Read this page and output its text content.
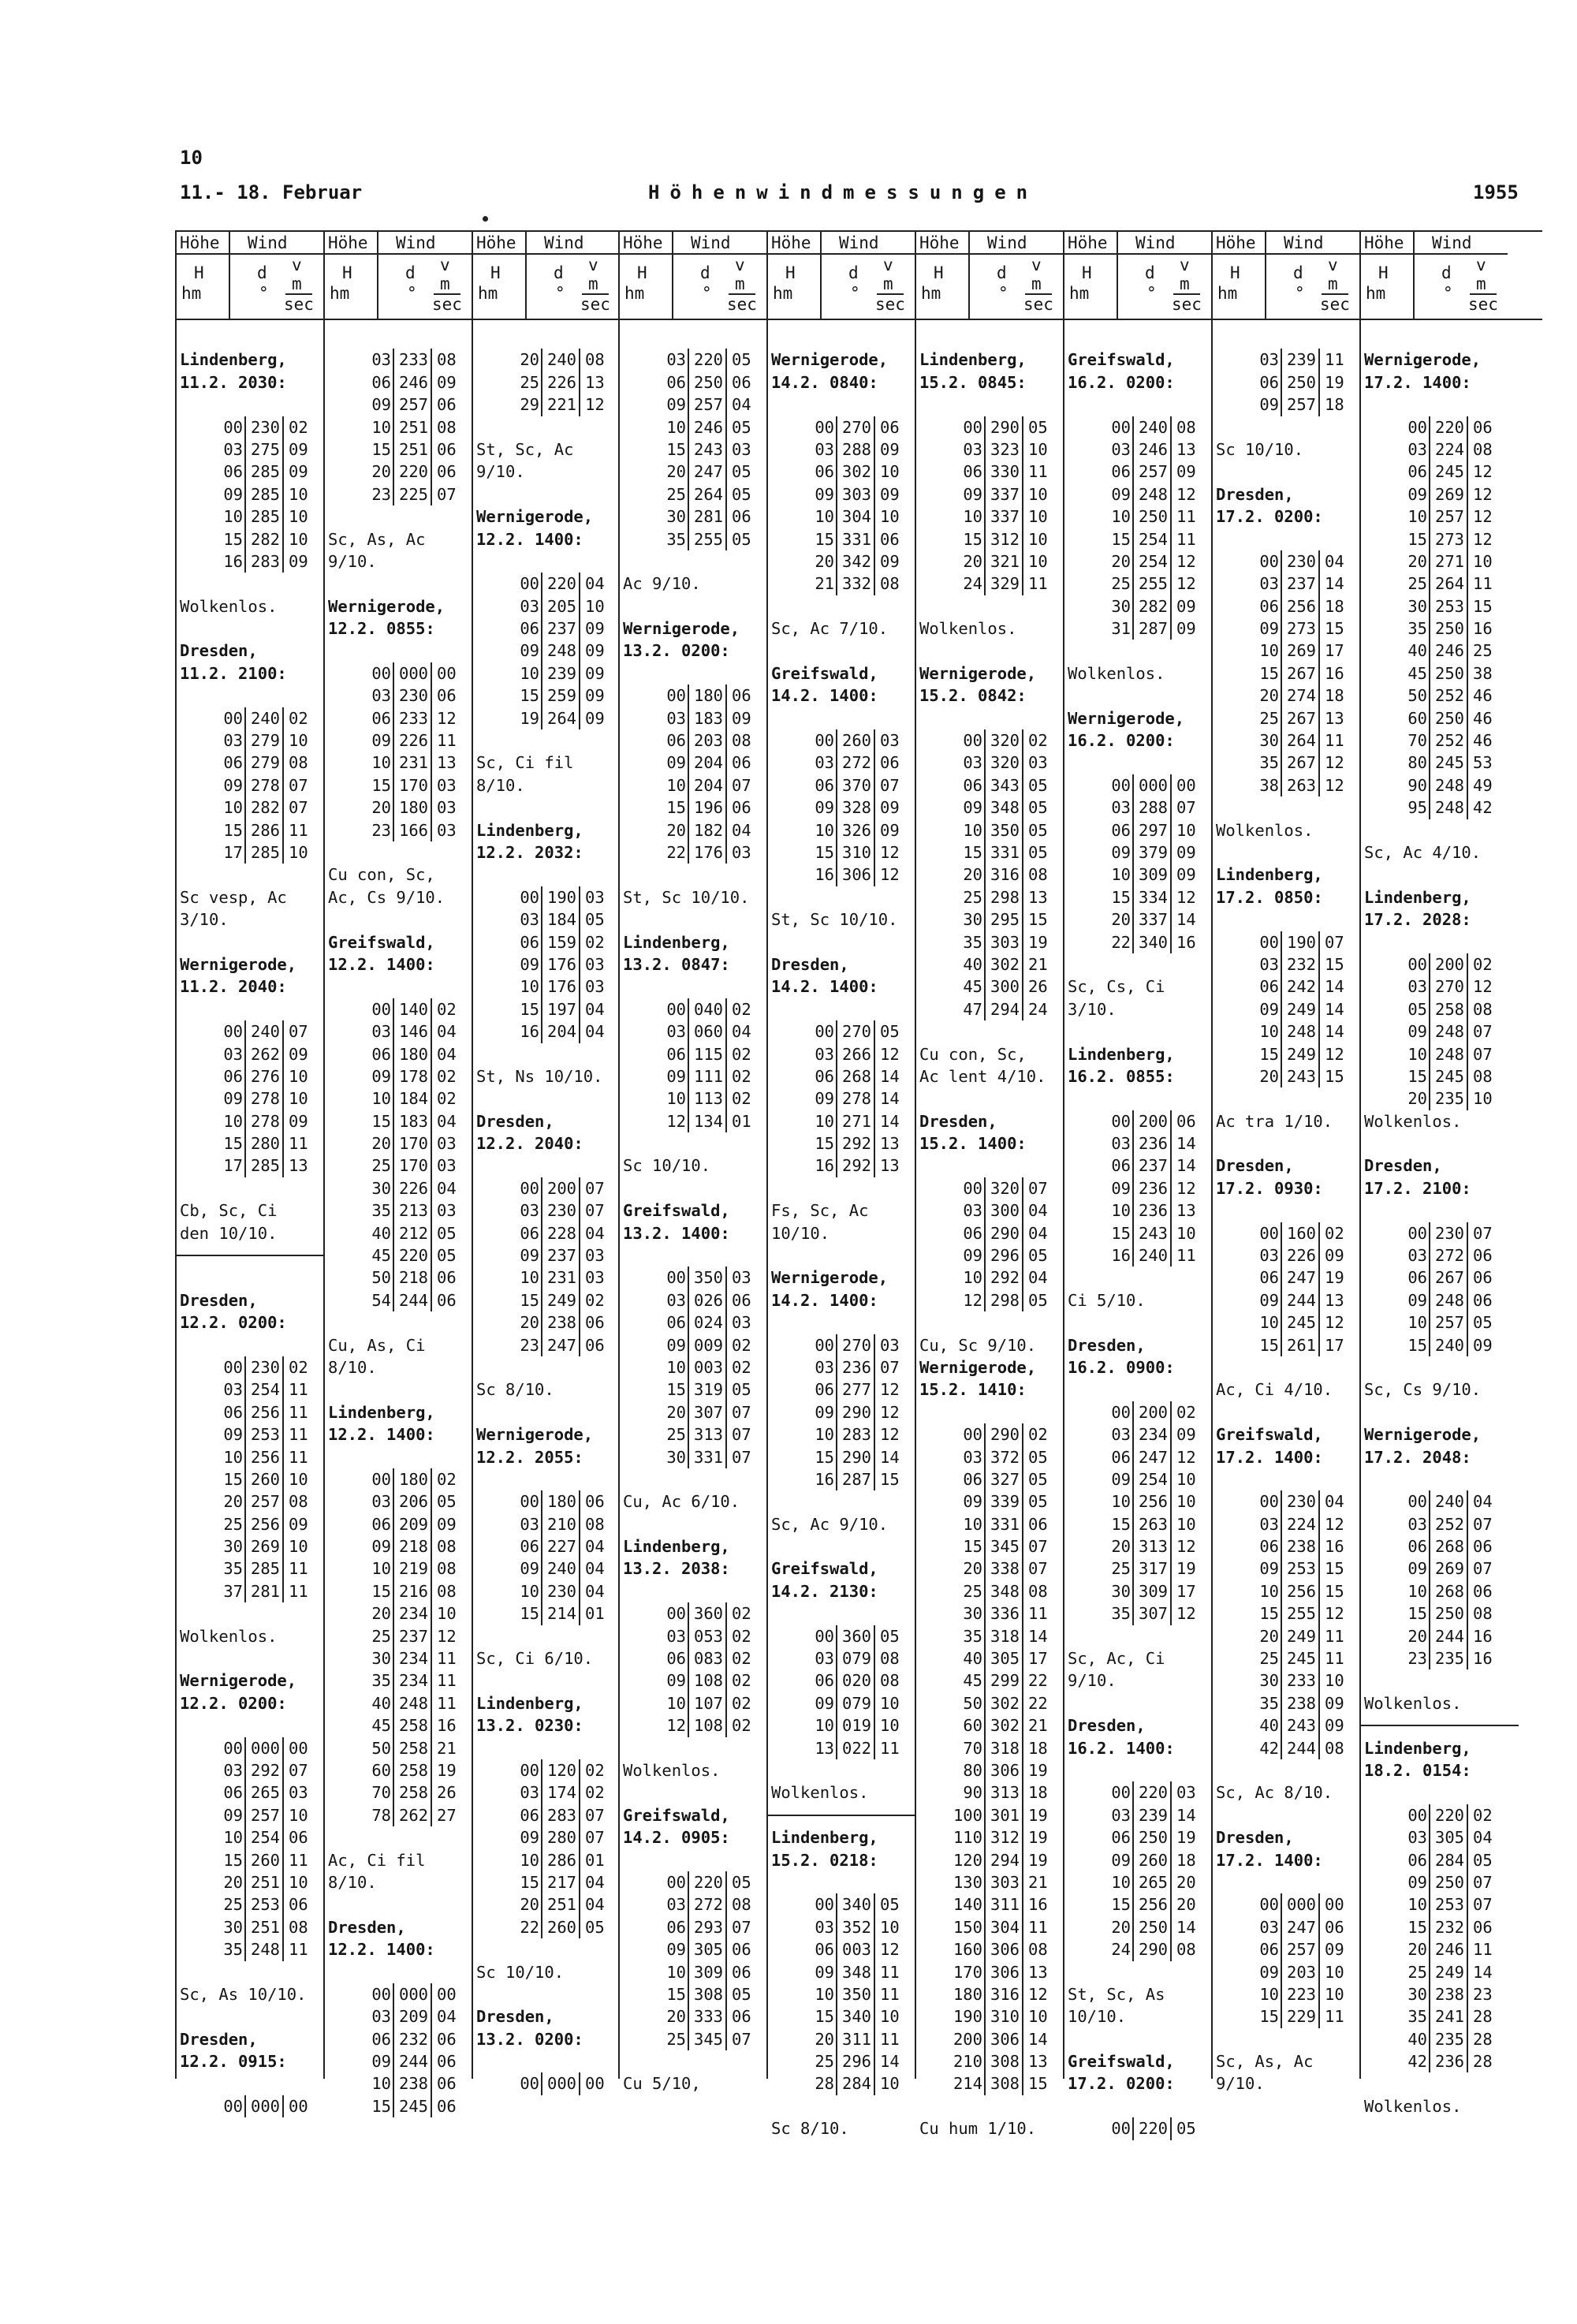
10
11.- 18. Februar	Höhenwindmessungen	1955
Höhe Wind
H
hm
d
°
v
m
sec
Höhe Wind
H
hm
d
°
v
m
sec
Höhe Wind
H
hm
d
°
v
m
sec
Höhe Wind
H
hm
d
°
v
m
sec
Höhe Wind
H
hm
d
°
v
m
sec
Höhe Wind
H
hm
d
°
v
m
sec
Höhe Wind
H
hm
d
°
v
m
sec
Höhe Wind
H
hm
d
°
v
m
sec
Höhe Wind
H
hm
d
°
v
m
sec
Lindenberg,
11.2. 2030:
00 230 02
03 275 09
06 285 09
09 285 10
10 285 10
15 282 10
16 283 09
Wolkenlos.
Dresden,
11.2. 2100:
00 240 02
03 279 10
06 279 08
09 278 07
10 282 07
15 286 11
17 285 10
Sc vesp, Ac
3/10.
Wernigerode,
11.2. 2040:
00 240 07
03 262 09
06 276 10
09 278 10
10 278 09
15 280 11
17 285 13
Cb, Sc, Ci
den 10/10.
Dresden,
12.2. 0200:
00 230 02
03 254 11
06 256 11
09 253 11
10 256 11
15 260 10
20 257 08
25 256 09
30 269 10
35 285 11
37 281 11
Wolkenlos.
Wernigerode,
12.2. 0200:
00 000 00
03 292 07
06 265 03
09 257 10
10 254 06
15 260 11
20 251 10
25 253 06
30 251 08
35 248 11
Sc, As 10/10.
Dresden,
12.2. 0915:
00 000 00
03 233 08
06 246 09
09 257 06
10 251 08
15 251 06
20 220 06
23 225 07
Sc, As, Ac
9/10.
Wernigerode,
12.2. 0855:
00 000 00
03 230 06
06 233 12
09 226 11
10 231 13
15 170 03
20 180 03
23 166 03
Cu con, Sc,
Ac, Cs 9/10.
Greifswald,
12.2. 1400:
00 140 02
03 146 04
06 180 04
09 178 02
10 184 02
15 183 04
20 170 03
25 170 03
30 226 04
35 213 03
40 212 05
45 220 05
50 218 06
54 244 06
Cu, As, Ci
8/10.
Lindenberg,
12.2. 1400:
00 180 02
03 206 05
06 209 09
09 218 08
10 219 08
15 216 08
20 234 10
25 237 12
30 234 11
35 234 11
40 248 11
45 258 16
50 258 21
60 258 19
70 258 26
78 262 27
Ac, Ci fil
8/10.
Dresden,
12.2. 1400:
00 000 00
03 209 04
06 232 06
09 244 06
10 238 06
15 245 06
20 240 08
25 226 13
29 221 12
St, Sc, Ac
9/10.
Wernigerode,
12.2. 1400:
00 220 04
03 205 10
06 237 09
09 248 09
10 239 09
15 259 09
19 264 09
Sc, Ci fil
8/10.
Lindenberg,
12.2. 2032:
00 190 03
03 184 05
06 159 02
09 176 03
10 176 03
15 197 04
16 204 04
St, Ns 10/10.
Dresden,
12.2. 2040:
00 200 07
03 230 07
06 228 04
09 237 03
10 231 03
15 249 02
20 238 06
23 247 06
Sc 8/10.
Wernigerode,
12.2. 2055:
00 180 06
03 210 08
06 227 04
09 240 04
10 230 04
15 214 01
Sc, Ci 6/10.
Lindenberg,
13.2. 0230:
00 120 02
03 174 02
06 283 07
09 280 07
10 286 01
15 217 04
20 251 04
22 260 05
Sc 10/10.
Dresden,
13.2. 0200:
00 000 00
03 220 05
06 250 06
09 257 04
10 246 05
15 243 03
20 247 05
25 264 05
30 281 06
35 255 05
Ac 9/10.
Wernigerode,
13.2. 0200:
00 180 06
03 183 09
06 203 08
09 204 06
10 204 07
15 196 06
20 182 04
22 176 03
St, Sc 10/10.
Lindenberg,
13.2. 0847:
00 040 02
03 060 04
06 115 02
09 111 02
10 113 02
12 134 01
Sc 10/10.
Greifswald,
13.2. 1400:
00 350 03
03 026 06
06 024 03
09 009 02
10 003 02
15 319 05
20 307 07
25 313 07
30 331 07
Cu, Ac 6/10.
Lindenberg,
13.2. 2038:
00 360 02
03 053 02
06 083 02
09 108 02
10 107 02
12 108 02
Wolkenlos.
Greifswald,
14.2. 0905:
00 220 05
03 272 08
06 293 07
09 305 06
10 309 06
15 308 05
20 333 06
25 345 07
Cu 5/10,
Wernigerode,
14.2. 0840:
00 270 06
03 288 09
06 302 10
09 303 09
10 304 10
15 331 06
20 342 09
21 332 08
Sc, Ac 7/10.
Greifswald,
14.2. 1400:
00 260 03
03 272 06
06 370 07
09 328 09
10 326 09
15 310 12
16 306 12
St, Sc 10/10.
Dresden,
14.2. 1400:
00 270 05
03 266 12
06 268 14
09 278 14
10 271 14
15 292 13
16 292 13
Fs, Sc, Ac
10/10.
Wernigerode,
14.2. 1400:
00 270 03
03 236 07
06 277 12
09 290 12
10 283 12
15 290 14
16 287 15
Sc, Ac 9/10.
Greifswald,
14.2. 2130:
00 360 05
03 079 08
06 020 08
09 079 10
10 019 10
13 022 11
Wolkenlos.
Lindenberg,
15.2. 0218:
00 340 05
03 352 10
06 003 12
09 348 11
10 350 11
15 340 10
20 311 11
25 296 14
28 284 10
Sc 8/10.
Lindenberg,
15.2. 0845:
00 290 05
03 323 10
06 330 11
09 337 10
10 337 10
15 312 10
20 321 10
24 329 11
Wolkenlos.
Wernigerode,
15.2. 0842:
00 320 02
03 320 03
06 343 05
09 348 05
10 350 05
15 331 05
20 316 08
25 298 13
30 295 15
35 303 19
40 302 21
45 300 26
47 294 24
Cu con, Sc,
Ac lent 4/10.
Dresden,
15.2. 1400:
00 320 07
03 300 04
06 290 04
09 296 05
10 292 04
12 298 05
Cu, Sc 9/10.
Wernigerode,
15.2. 1410:
00 290 02
03 372 05
06 327 05
09 339 05
10 331 06
15 345 07
20 338 07
25 348 08
30 336 11
35 318 14
40 305 17
45 299 22
50 302 22
60 302 21
70 318 18
80 306 19
90 313 18
100 301 19
110 312 19
120 294 19
130 303 21
140 311 16
150 304 11
160 306 08
170 306 13
180 316 12
190 310 10
200 306 14
210 308 13
214 308 15
Cu hum 1/10.
Greifswald,
16.2. 0200:
00 240 08
03 246 13
06 257 09
09 248 12
10 250 11
15 254 11
20 254 12
25 255 12
30 282 09
31 287 09
Wolkenlos.
Wernigerode,
16.2. 0200:
00 000 00
03 288 07
06 297 10
09 379 09
10 309 09
15 334 12
20 337 14
22 340 16
Sc, Cs, Ci
3/10.
Lindenberg,
16.2. 0855:
00 200 06
03 236 14
06 237 14
09 236 12
10 236 13
15 243 10
16 240 11
Ci 5/10.
Dresden,
16.2. 0900:
00 200 02
03 234 09
06 247 12
09 254 10
10 256 10
15 263 10
20 313 12
25 317 19
30 309 17
35 307 12
Sc, Ac, Ci
9/10.
Dresden,
16.2. 1400:
00 220 03
03 239 14
06 250 19
09 260 18
10 265 20
15 256 20
20 250 14
24 290 08
St, Sc, As
10/10.
Greifswald,
17.2. 0200:
00 220 05
03 239 11
06 250 19
09 257 18
Sc 10/10.
Dresden,
17.2. 0200:
00 230 04
03 237 14
06 256 18
09 273 15
10 269 17
15 267 16
20 274 18
25 267 13
30 264 11
35 267 12
38 263 12
Wolkenlos.
Lindenberg,
17.2. 0850:
00 190 07
03 232 15
06 242 14
09 249 14
10 248 14
15 249 12
20 243 15
Ac tra 1/10.
Dresden,
17.2. 0930:
00 160 02
03 226 09
06 247 19
09 244 13
10 245 12
15 261 17
Ac, Ci 4/10.
Greifswald,
17.2. 1400:
00 230 04
03 224 12
06 238 16
09 253 15
10 256 15
15 255 12
20 249 11
25 245 11
30 233 10
35 238 09
40 243 09
42 244 08
Sc, Ac 8/10.
Dresden,
17.2. 1400:
00 000 00
03 247 06
06 257 09
09 203 10
10 223 10
15 229 11
Sc, As, Ac
9/10.
Wernigerode,
17.2. 1400:
00 220 06
03 224 08
06 245 12
09 269 12
10 257 12
15 273 12
20 271 10
25 264 11
30 253 15
35 250 16
40 246 25
45 250 38
50 252 46
60 250 46
70 252 46
80 245 53
90 248 49
95 248 42
Sc, Ac 4/10.
Lindenberg,
17.2. 2028:
00 200 02
03 270 12
05 258 08
09 248 07
10 248 07
15 245 08
20 235 10
Wolkenlos.
Dresden,
17.2. 2100:
00 230 07
03 272 06
06 267 06
09 248 06
10 257 05
15 240 09
Sc, Cs 9/10.
Wernigerode,
17.2. 2048:
00 240 04
03 252 07
06 268 06
09 269 07
10 268 06
15 250 08
20 244 16
23 235 16
Wolkenlos.
Lindenberg,
18.2. 0154:
00 220 02
03 305 04
06 284 05
09 250 07
10 253 07
15 232 06
20 246 11
25 249 14
30 238 23
35 241 28
40 235 28
42 236 28
Wolkenlos.
